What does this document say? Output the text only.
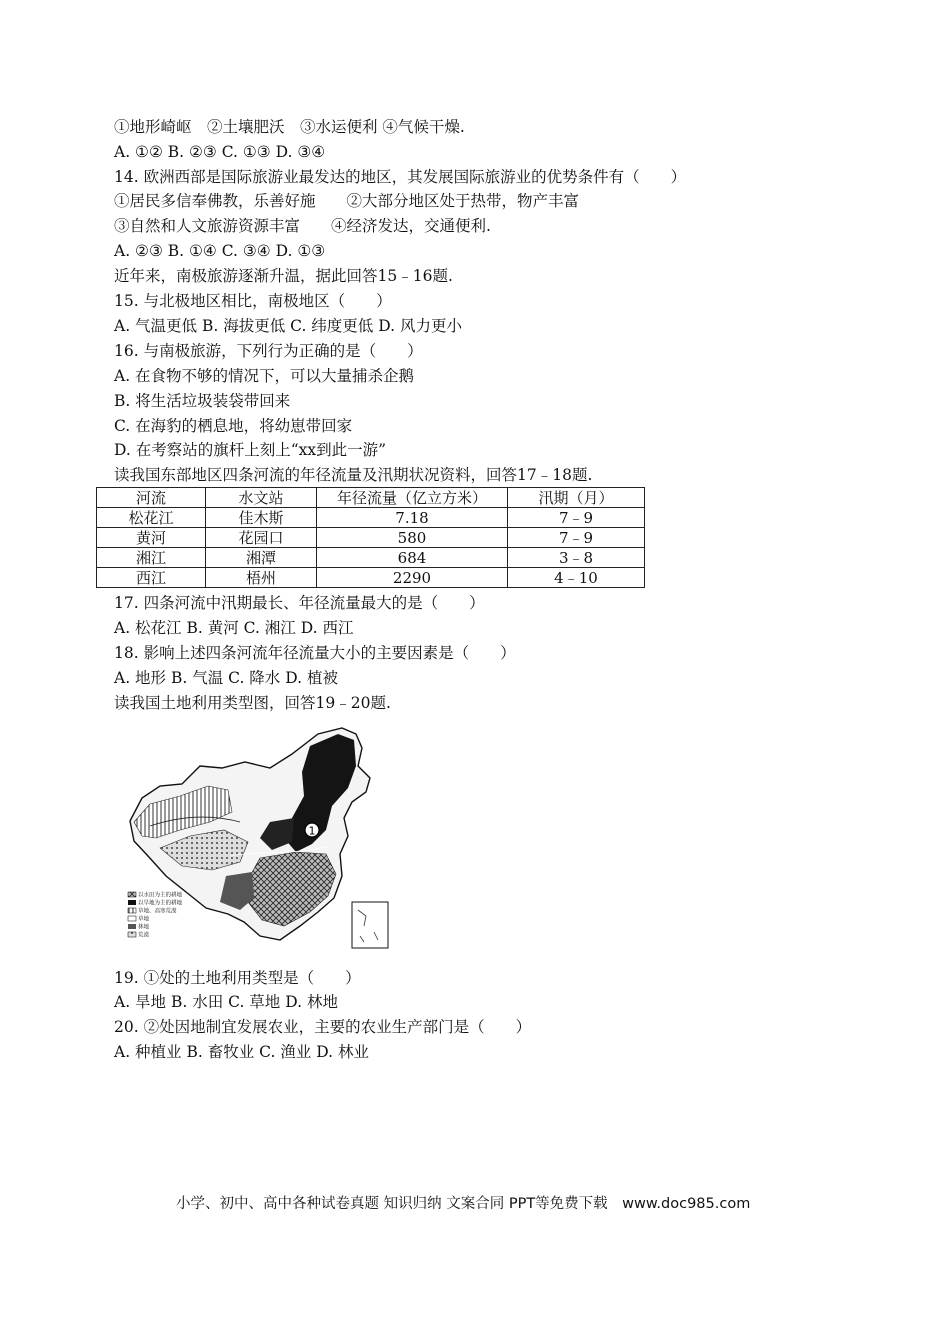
①地形崎岖　②土壤肥沃　③水运便利 ④气候干燥.
A. ①② B. ②③ C. ①③ D. ③④
14. 欧洲西部是国际旅游业最发达的地区，其发展国际旅游业的优势条件有（　　）
①居民多信奉佛教，乐善好施　　②大部分地区处于热带，物产丰富
③自然和人文旅游资源丰富　　④经济发达，交通便利.
A. ②③ B. ①④ C. ③④ D. ①③
近年来，南极旅游逐渐升温，据此回答15﹣16题.
15. 与北极地区相比，南极地区（　　）
A. 气温更低 B. 海拔更低 C. 纬度更低 D. 风力更小
16. 与南极旅游，下列行为正确的是（　　）
A. 在食物不够的情况下，可以大量捕杀企鹅
B. 将生活垃圾装袋带回来
C. 在海豹的栖息地，将幼崽带回家
D. 在考察站的旗杆上刻上“xx到此一游”
读我国东部地区四条河流的年径流量及汛期状况资料，回答17﹣18题.
河流	水文站	年径流量（亿立方米）	汛期（月）
松花江	佳木斯	7.18	7﹣9
黄河	花园口	580	7﹣9
湘江	湘潭	684	3﹣8
西江	梧州	2290	4﹣10
17. 四条河流中汛期最长、年径流量最大的是（　　）
A. 松花江 B. 黄河 C. 湘江 D. 西江
18. 影响上述四条河流年径流量大小的主要因素是（　　）
A. 地形 B. 气温 C. 降水 D. 植被
读我国土地利用类型图，回答19﹣20题.
1
以水田为主的耕地
以旱地为主的耕地
草地、高寒荒漠
草地
林地
荒漠
19. ①处的土地利用类型是（　　）
A. 旱地 B. 水田 C. 草地 D. 林地
20. ②处因地制宜发展农业，主要的农业生产部门是（　　）
A. 种植业 B. 畜牧业 C. 渔业 D. 林业
小学、初中、高中各种试卷真题 知识归纳 文案合同 PPT等免费下载　www.doc985.com
